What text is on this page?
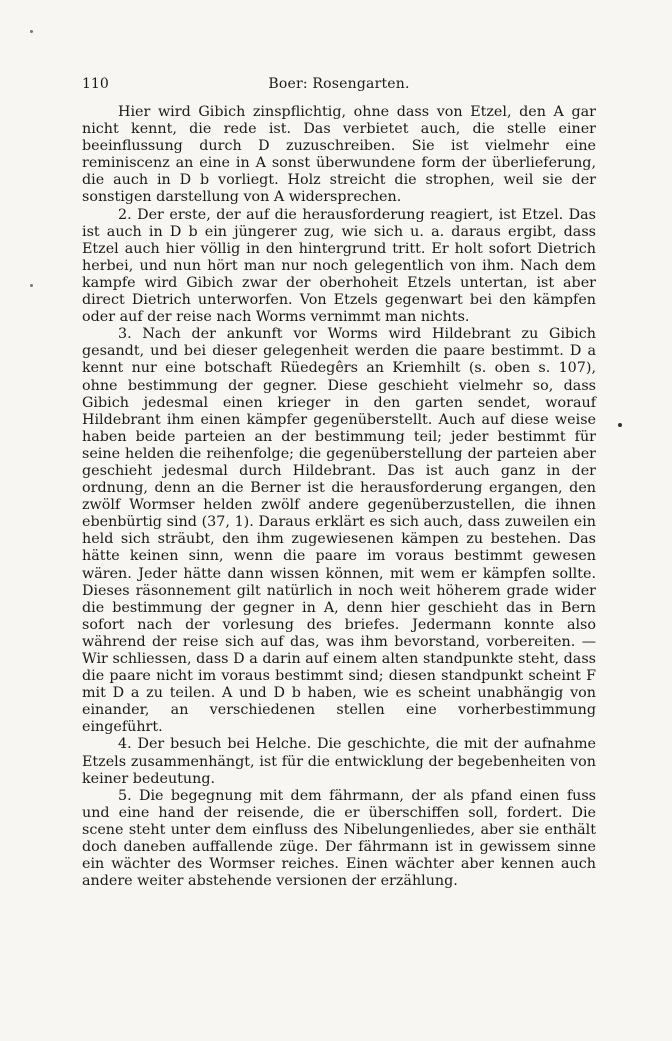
110	Boer: Rosengarten.

Hier wird Gibich zinspflichtig, ohne dass von Etzel, den A gar nicht kennt, die rede ist. Das verbietet auch, die stelle einer beeinflussung durch D zuzuschreiben. Sie ist vielmehr eine reminiscenz an eine in A sonst überwundene form der überlieferung, die auch in D b vorliegt. Holz streicht die strophen, weil sie der sonstigen darstellung von A widersprechen.

2. Der erste, der auf die herausforderung reagiert, ist Etzel. Das ist auch in D b ein jüngerer zug, wie sich u. a. daraus ergibt, dass Etzel auch hier völlig in den hintergrund tritt. Er holt sofort Dietrich herbei, und nun hört man nur noch gelegentlich von ihm. Nach dem kampfe wird Gibich zwar der oberhoheit Etzels untertan, ist aber direct Dietrich unterworfen. Von Etzels gegenwart bei den kämpfen oder auf der reise nach Worms vernimmt man nichts.

3. Nach der ankunft vor Worms wird Hildebrant zu Gibich gesandt, und bei dieser gelegenheit werden die paare bestimmt. D a kennt nur eine botschaft Rüedegêrs an Kriemhilt (s. oben s. 107), ohne bestimmung der gegner. Diese geschieht vielmehr so, dass Gibich jedesmal einen krieger in den garten sendet, worauf Hildebrant ihm einen kämpfer gegenüberstellt. Auch auf diese weise haben beide parteien an der bestimmung teil; jeder bestimmt für seine helden die reihenfolge; die gegenüberstellung der parteien aber geschieht jedesmal durch Hildebrant. Das ist auch ganz in der ordnung, denn an die Berner ist die herausforderung ergangen, den zwölf Wormser helden zwölf andere gegenüberzustellen, die ihnen ebenbürtig sind (37, 1). Daraus erklärt es sich auch, dass zuweilen ein held sich sträubt, den ihm zugewiesenen kämpen zu bestehen. Das hätte keinen sinn, wenn die paare im voraus bestimmt gewesen wären. Jeder hätte dann wissen können, mit wem er kämpfen sollte. Dieses räsonnement gilt natürlich in noch weit höherem grade wider die bestimmung der gegner in A, denn hier geschieht das in Bern sofort nach der vorlesung des briefes. Jedermann konnte also während der reise sich auf das, was ihm bevorstand, vorbereiten. — Wir schliessen, dass D a darin auf einem alten standpunkte steht, dass die paare nicht im voraus bestimmt sind; diesen standpunkt scheint F mit D a zu teilen. A und D b haben, wie es scheint unabhängig von einander, an verschiedenen stellen eine vorherbestimmung eingeführt.

4. Der besuch bei Helche. Die geschichte, die mit der aufnahme Etzels zusammenhängt, ist für die entwicklung der begebenheiten von keiner bedeutung.

5. Die begegnung mit dem fährmann, der als pfand einen fuss und eine hand der reisende, die er überschiffen soll, fordert. Die scene steht unter dem einfluss des Nibelungenliedes, aber sie enthält doch daneben auffallende züge. Der fährmann ist in gewissem sinne ein wächter des Wormser reiches. Einen wächter aber kennen auch andere weiter abstehende versionen der erzählung.
